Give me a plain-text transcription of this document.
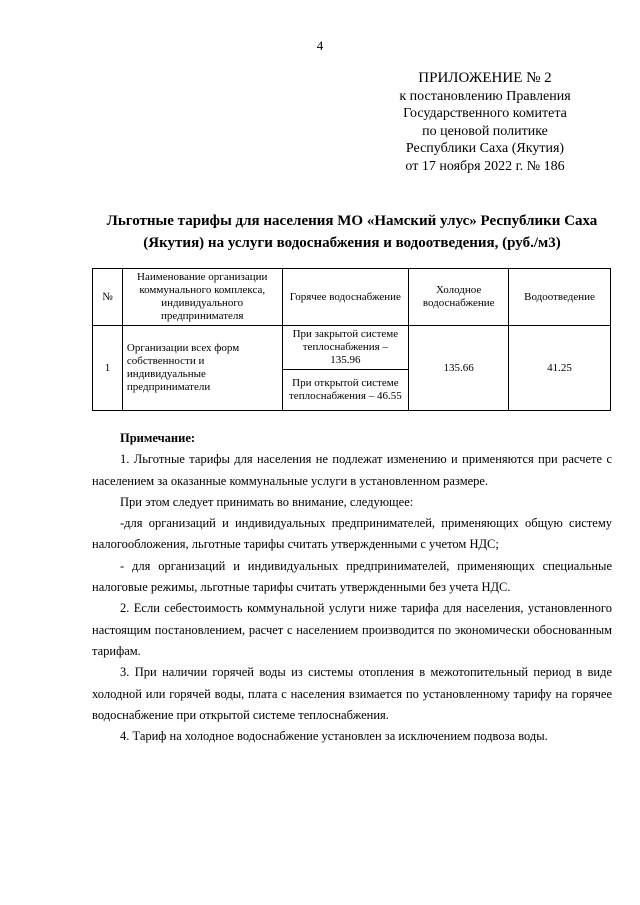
4
ПРИЛОЖЕНИЕ № 2
к постановлению Правления
Государственного комитета
по ценовой политике
Республики Саха (Якутия)
от 17 ноября 2022 г. № 186
Льготные тарифы для населения МО «Намский улус» Республики Саха (Якутия) на услуги водоснабжения и водоотведения, (руб./м3)
№	Наименование организации коммунального комплекса, индивидуального предпринимателя	Горячее водоснабжение	Холодное водоснабжение	Водоотведение
1	Организации всех форм собственности и индивидуальные предприниматели	При закрытой системе теплоснабжения – 135.96	135.66	41.25
		При открытой системе теплоснабжения – 46.55		

Примечание:

1. Льготные тарифы для населения не подлежат изменению и применяются при расчете с населением за оказанные коммунальные услуги в установленном размере.

При этом следует принимать во внимание, следующее:

-для организаций и индивидуальных предпринимателей, применяющих общую систему налогообложения, льготные тарифы считать утвержденными с учетом НДС;

- для организаций и индивидуальных предпринимателей, применяющих специальные налоговые режимы, льготные тарифы считать утвержденными без учета НДС.

2. Если себестоимость коммунальной услуги ниже тарифа для населения, установленного настоящим постановлением, расчет с населением производится по экономически обоснованным тарифам.

3. При наличии горячей воды из системы отопления в межотопительный период в виде холодной или горячей воды, плата с населения взимается по установленному тарифу на горячее водоснабжение при открытой системе теплоснабжения.

4. Тариф на холодное водоснабжение установлен за исключением подвоза воды.
